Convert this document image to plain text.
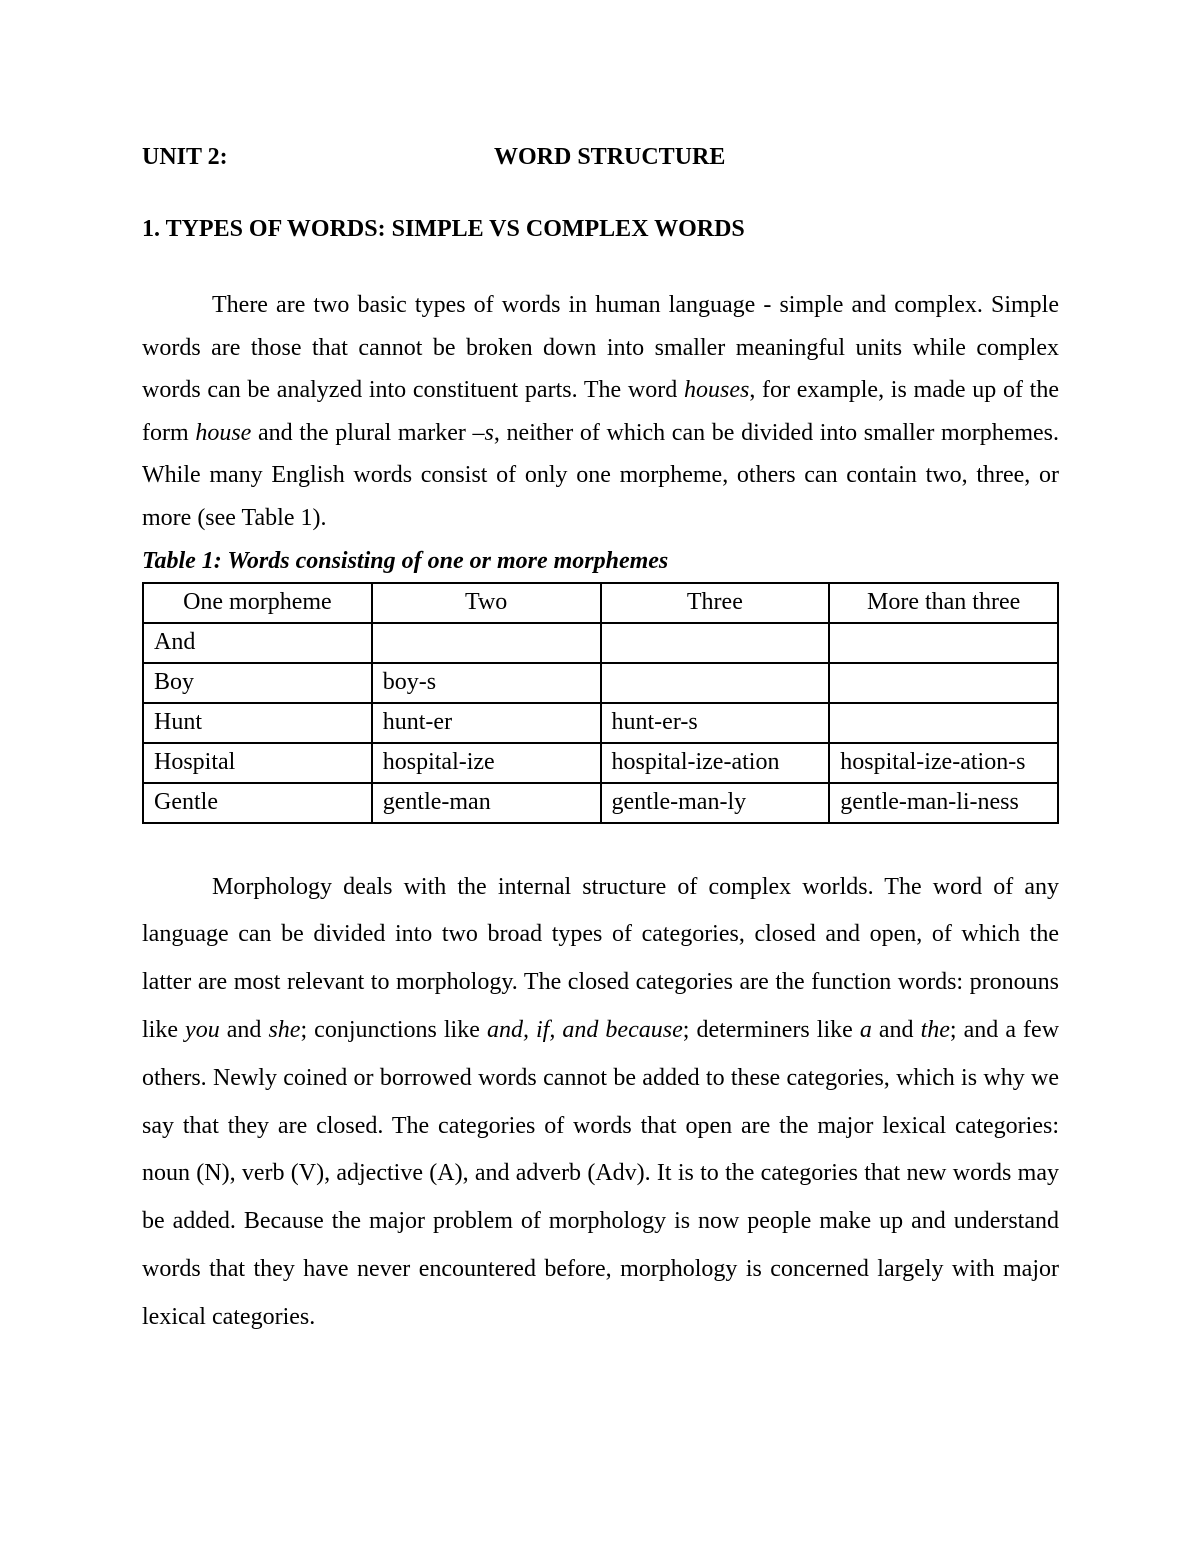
UNIT 2:	WORD STRUCTURE
1. TYPES OF WORDS: SIMPLE VS COMPLEX WORDS

There are two basic types of words in human language - simple and complex. Simple words are those that cannot be broken down into smaller meaningful units while complex words can be analyzed into constituent parts. The word houses, for example, is made up of the form house and the plural marker –s, neither of which can be divided into smaller morphemes. While many English words consist of only one morpheme, others can contain two, three, or more (see Table 1).

Table 1: Words consisting of one or more morphemes
One morpheme	Two	Three	More than three
And			
Boy	boy-s		
Hunt	hunt-er	hunt-er-s	
Hospital	hospital-ize	hospital-ize-ation	hospital-ize-ation-s
Gentle	gentle-man	gentle-man-ly	gentle-man-li-ness

Morphology deals with the internal structure of complex worlds. The word of any language can be divided into two broad types of categories, closed and open, of which the latter are most relevant to morphology. The closed categories are the function words: pronouns like you and she; conjunctions like and, if, and because; determiners like a and the; and a few others. Newly coined or borrowed words cannot be added to these categories, which is why we say that they are closed. The categories of words that open are the major lexical categories: noun (N), verb (V), adjective (A), and adverb (Adv). It is to the categories that new words may be added. Because the major problem of morphology is now people make up and understand words that they have never encountered before, morphology is concerned largely with major lexical categories.
